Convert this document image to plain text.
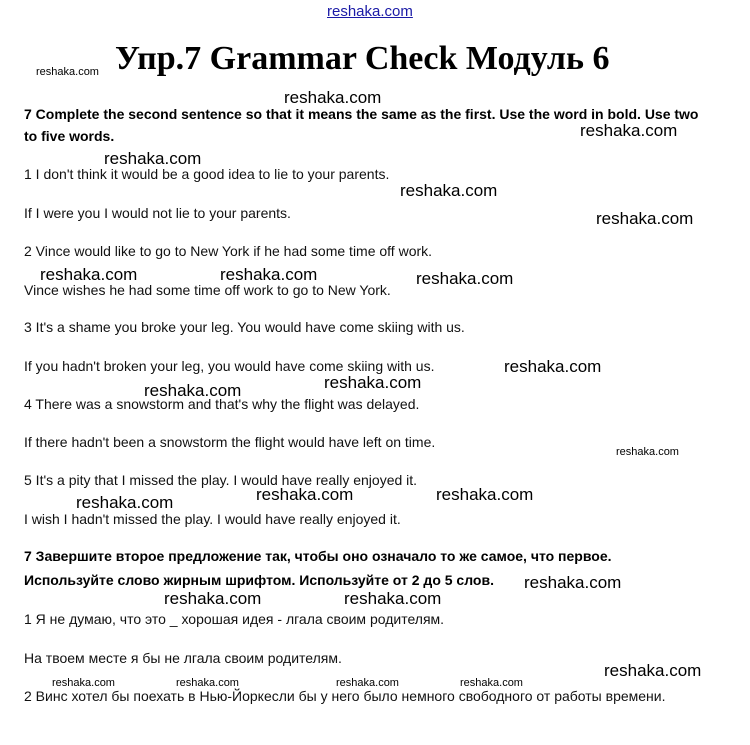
reshaka.com
Упр.7 Grammar Check Модуль 6
7 Complete the second sentence so that it means the same as the first. Use the word in bold. Use two
to five words.
1 I don't think it would be a good idea to lie to your parents.
If I were you I would not lie to your parents.
2 Vince would like to go to New York if he had some time off work.
Vince wishes he had some time off work to go to New York.
3 It's a shame you broke your leg. You would have come skiing with us.
If you hadn't broken your leg, you would have come skiing with us.
4 There was a snowstorm and that's why the flight was delayed.
If there hadn't been a snowstorm the flight would have left on time.
5 It's a pity that I missed the play. I would have really enjoyed it.
I wish I hadn't missed the play. I would have really enjoyed it.
7 Завершите второе предложение так, чтобы оно означало то же самое, что первое.
Используйте слово жирным шрифтом. Используйте от 2 до 5 слов.
1 Я не думаю, что это _ хорошая идея - лгала своим родителям.
На твоем месте я бы не лгала своим родителям.
2 Винс хотел бы поехать в Нью-Йоркесли бы у него было немного свободного от работы времени.
reshaka.com
reshaka.com
reshaka.com
reshaka.com
reshaka.com
reshaka.com
reshaka.com	reshaka.com	reshaka.com
reshaka.com
reshaka.com	reshaka.com
reshaka.com
reshaka.com	reshaka.com
reshaka.com
reshaka.com
reshaka.com	reshaka.com
reshaka.com
reshaka.com	reshaka.com	reshaka.com	reshaka.com
